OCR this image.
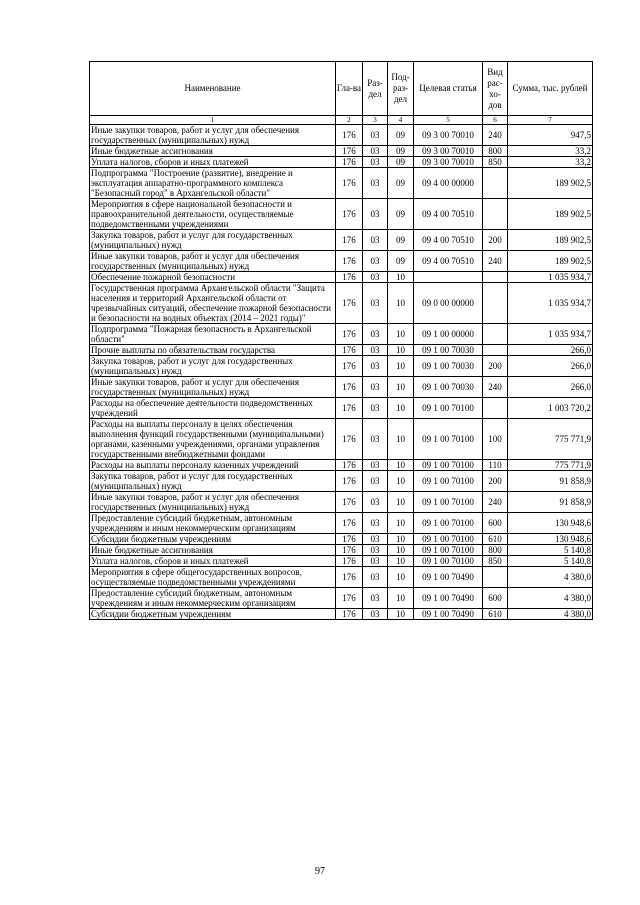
Наименование	Гла-ва	Раз-дел	Под-раз-дел	Целевая статья	Вид рас-хо-дов	Сумма, тыс. рублей
1	2	3	4	5	6	7
Иные закупки товаров, работ и услуг для обеспечения государственных (муниципальных) нужд	176	03	09	09 3 00 70010	240	947,5
Иные бюджетные ассигнования	176	03	09	09 3 00 70010	800	33,2
Уплата налогов, сборов и иных платежей	176	03	09	09 3 00 70010	850	33,2
Подпрограмма "Построение (развитие), внедрение и эксплуатация аппаратно-программного комплекса "Безопасный город" в Архангельской области"	176	03	09	09 4 00 00000		189 902,5
Мероприятия в сфере национальной безопасности и правоохранительной деятельности, осуществляемые подведомственными учреждениями	176	03	09	09 4 00 70510		189 902,5
Закупка товаров, работ и услуг для государственных (муниципальных) нужд	176	03	09	09 4 00 70510	200	189 902,5
Иные закупки товаров, работ и услуг для обеспечения государственных (муниципальных) нужд	176	03	09	09 4 00 70510	240	189 902,5
Обеспечение пожарной безопасности	176	03	10			1 035 934,7
Государственная программа Архангельской области "Защита населения и территорий Архангельской области от чрезвычайных ситуаций, обеспечение пожарной безопасности и безопасности на водных объектах (2014 – 2021 годы)"	176	03	10	09 0 00 00000		1 035 934,7
Подпрограмма "Пожарная безопасность в Архангельской области"	176	03	10	09 1 00 00000		1 035 934,7
Прочие выплаты по обязательствам государства	176	03	10	09 1 00 70030		266,0
Закупка товаров, работ и услуг для государственных (муниципальных) нужд	176	03	10	09 1 00 70030	200	266,0
Иные закупки товаров, работ и услуг для обеспечения государственных (муниципальных) нужд	176	03	10	09 1 00 70030	240	266,0
Расходы на обеспечение деятельности подведомственных учреждений	176	03	10	09 1 00 70100		1 003 720,2
Расходы на выплаты персоналу в целях обеспечения выполнения функций государственными (муниципальными) органами, казенными учреждениями, органами управления государственными внебюджетными фондами	176	03	10	09 1 00 70100	100	775 771,9
Расходы на выплаты персоналу казенных учреждений	176	03	10	09 1 00 70100	110	775 771,9
Закупка товаров, работ и услуг для государственных (муниципальных) нужд	176	03	10	09 1 00 70100	200	91 858,9
Иные закупки товаров, работ и услуг для обеспечения государственных (муниципальных) нужд	176	03	10	09 1 00 70100	240	91 858,9
Предоставление субсидий бюджетным, автономным учреждениям и иным некоммерческим организациям	176	03	10	09 1 00 70100	600	130 948,6
Субсидии бюджетным учреждениям	176	03	10	09 1 00 70100	610	130 948,6
Иные бюджетные ассигнования	176	03	10	09 1 00 70100	800	5 140,8
Уплата налогов, сборов и иных платежей	176	03	10	09 1 00 70100	850	5 140,8
Мероприятия в сфере общегосударственных вопросов, осуществляемые подведомственными учреждениями	176	03	10	09 1 00 70490		4 380,0
Предоставление субсидий бюджетным, автономным учреждениям и иным некоммерческим организациям	176	03	10	09 1 00 70490	600	4 380,0
Субсидии бюджетным учреждениям	176	03	10	09 1 00 70490	610	4 380,0
97
